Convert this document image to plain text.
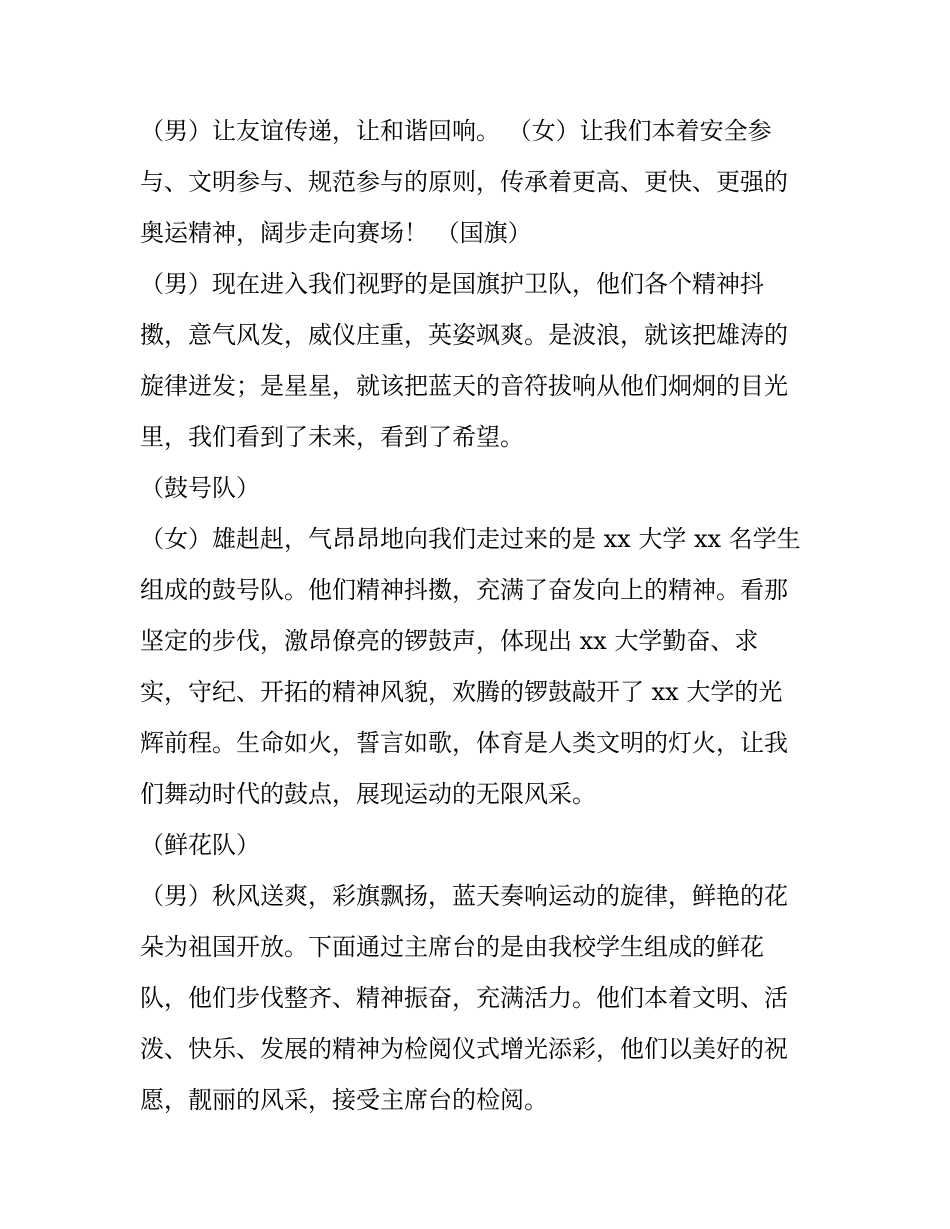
（男）让友谊传递，让和谐回响。 （女）让我们本着安全参
与、文明参与、规范参与的原则，传承着更高、更快、更强的
奥运精神，阔步走向赛场！ （国旗）
（男）现在进入我们视野的是国旗护卫队，他们各个精神抖
擞，意气风发，威仪庄重，英姿飒爽。是波浪，就该把雄涛的
旋律迸发；是星星，就该把蓝天的音符拔响从他们炯炯的目光
里，我们看到了未来，看到了希望。
（鼓号队）
（女）雄赳赳，气昂昂地向我们走过来的是 xx 大学 xx 名学生
组成的鼓号队。他们精神抖擞，充满了奋发向上的精神。看那
坚定的步伐，激昂僚亮的锣鼓声，体现出 xx 大学勤奋、求
实，守纪、开拓的精神风貌，欢腾的锣鼓敲开了 xx 大学的光
辉前程。生命如火，誓言如歌，体育是人类文明的灯火，让我
们舞动时代的鼓点，展现运动的无限风采。
（鲜花队）
（男）秋风送爽，彩旗飘扬，蓝天奏响运动的旋律，鲜艳的花
朵为祖国开放。下面通过主席台的是由我校学生组成的鲜花
队，他们步伐整齐、精神振奋，充满活力。他们本着文明、活
泼、快乐、发展的精神为检阅仪式增光添彩，他们以美好的祝
愿，靓丽的风采，接受主席台的检阅。
